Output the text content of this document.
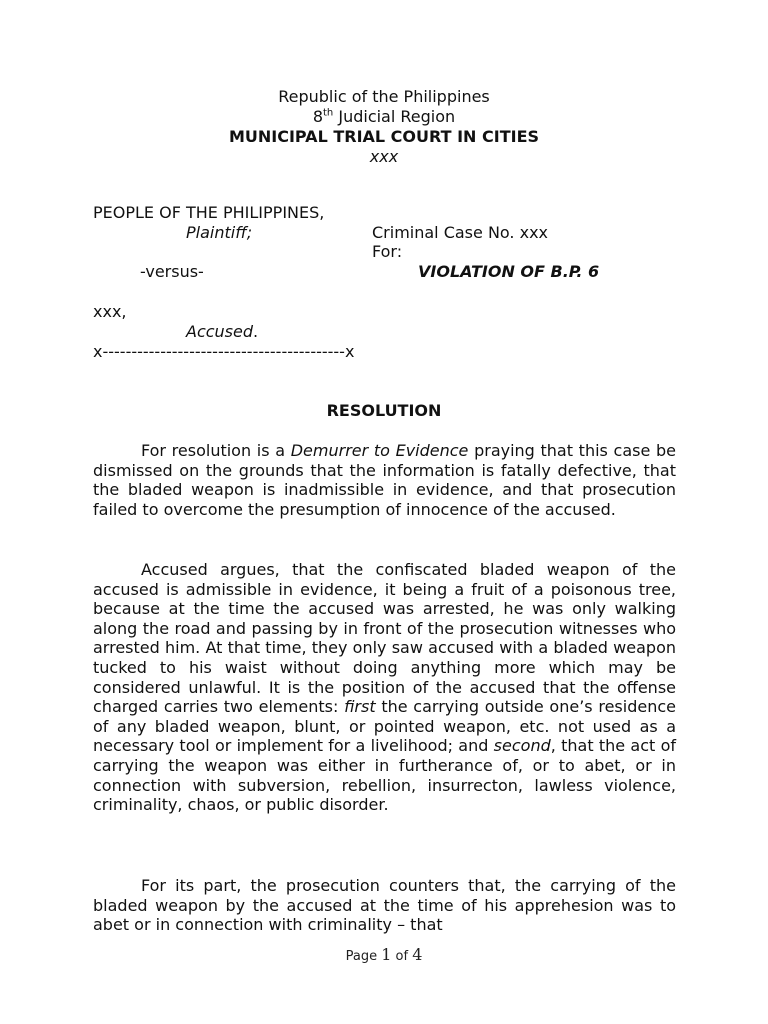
Republic of the Philippines
8th Judicial Region
MUNICIPAL TRIAL COURT IN CITIES
xxx
PEOPLE OF THE PHILIPPINES,
Plaintiff;	Criminal Case No. xxx
For:
-versus-	VIOLATION OF B.P. 6
xxx,
Accused.
x------------------------------------------x
RESOLUTION

For resolution is a Demurrer to Evidence praying that this case be dismissed on the grounds that the information is fatally defective, that the bladed weapon is inadmissible in evidence, and that prosecution failed to overcome the presumption of innocence of the accused.

Accused argues, that the confiscated bladed weapon of the accused is admissible in evidence, it being a fruit of a poisonous tree, because at the time the accused was arrested, he was only walking along the road and passing by in front of the prosecution witnesses who arrested him. At that time, they only saw accused with a bladed weapon tucked to his waist without doing anything more which may be considered unlawful. It is the position of the accused that the offense charged carries two elements: first the carrying outside one’s residence of any bladed weapon, blunt, or pointed weapon, etc. not used as a necessary tool or implement for a livelihood; and second, that the act of carrying the weapon was either in furtherance of, or to abet, or in connection with subversion, rebellion, insurrecton, lawless violence, criminality, chaos, or public disorder.

For its part, the prosecution counters that, the carrying of the bladed weapon by the accused at the time of his apprehesion was to abet or in connection with criminality – that

Page 1 of 4
